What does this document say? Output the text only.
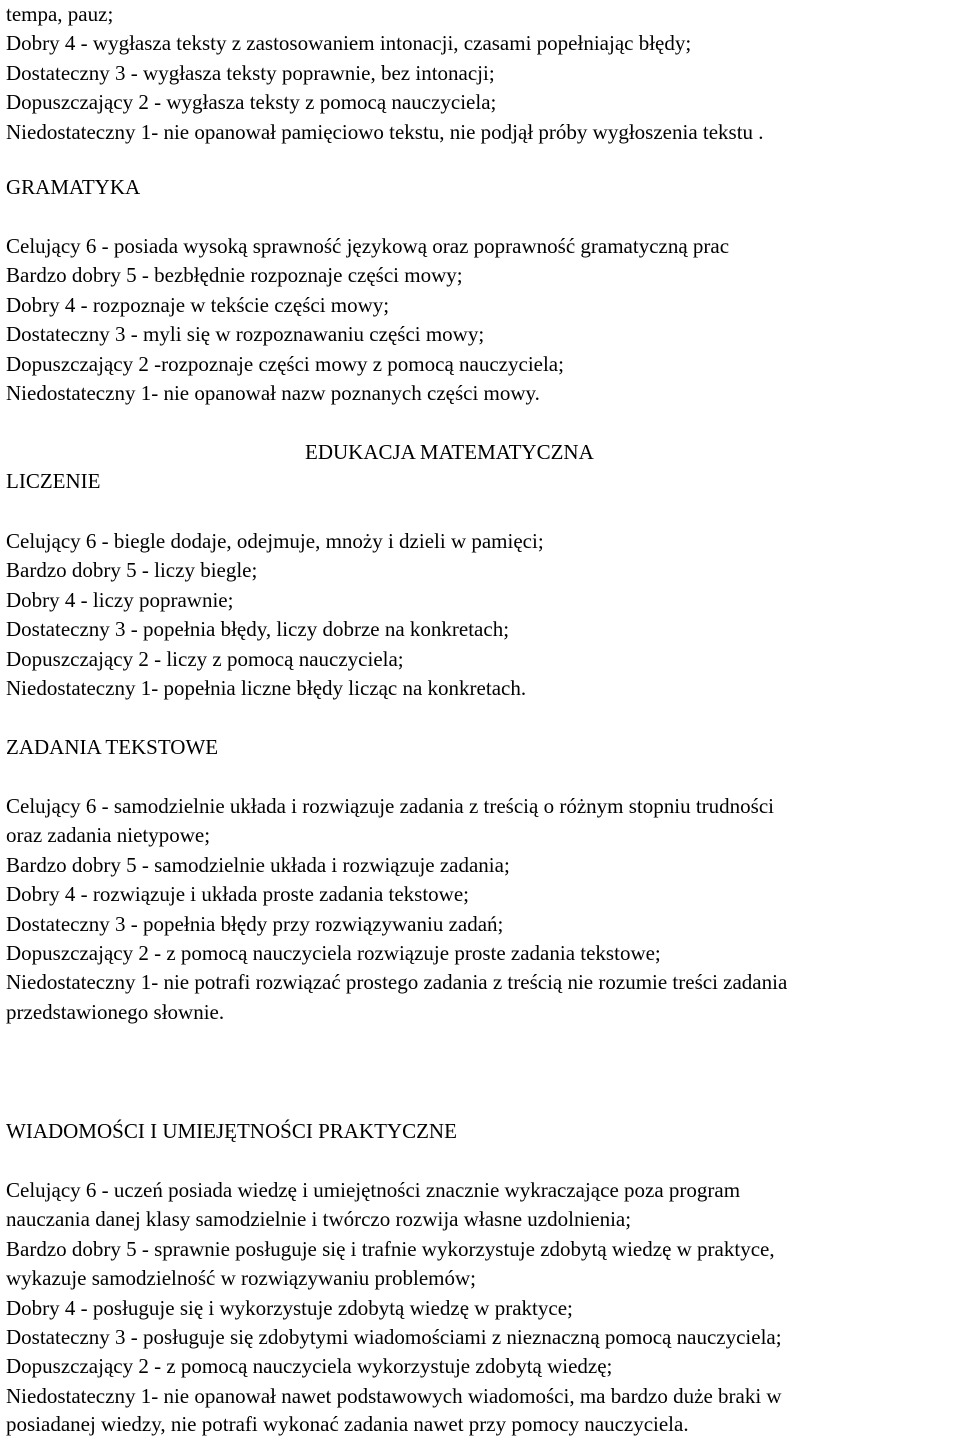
tempa, pauz;
Dobry 4 - wygłasza teksty z zastosowaniem intonacji, czasami popełniając błędy;
Dostateczny 3 - wygłasza teksty poprawnie, bez intonacji;
Dopuszczający 2 - wygłasza teksty z pomocą nauczyciela;
Niedostateczny 1- nie opanował pamięciowo tekstu, nie podjął próby wygłoszenia tekstu .
GRAMATYKA
Celujący 6 - posiada wysoką sprawność językową oraz poprawność gramatyczną prac
Bardzo dobry 5 - bezbłędnie rozpoznaje części mowy;
Dobry 4 - rozpoznaje w tekście części mowy;
Dostateczny 3 - myli się w rozpoznawaniu części mowy;
Dopuszczający 2 -rozpoznaje części mowy z pomocą nauczyciela;
Niedostateczny 1- nie opanował nazw poznanych części mowy.
EDUKACJA MATEMATYCZNA
LICZENIE
Celujący 6 - biegle dodaje, odejmuje, mnoży i dzieli w pamięci;
Bardzo dobry 5 - liczy biegle;
Dobry 4 - liczy poprawnie;
Dostateczny 3 - popełnia błędy, liczy dobrze na konkretach;
Dopuszczający 2 - liczy z pomocą nauczyciela;
Niedostateczny 1- popełnia liczne błędy licząc na konkretach.
ZADANIA TEKSTOWE
Celujący 6 - samodzielnie układa i rozwiązuje zadania z treścią o różnym stopniu trudności
oraz zadania nietypowe;
Bardzo dobry 5 - samodzielnie układa i rozwiązuje zadania;
Dobry 4 - rozwiązuje i układa proste zadania tekstowe;
Dostateczny 3 - popełnia błędy przy rozwiązywaniu zadań;
Dopuszczający 2 - z pomocą nauczyciela rozwiązuje proste zadania tekstowe;
Niedostateczny 1- nie potrafi rozwiązać prostego zadania z treścią nie rozumie treści zadania
przedstawionego słownie.
WIADOMOŚCI I UMIEJĘTNOŚCI PRAKTYCZNE
Celujący 6 - uczeń posiada wiedzę i umiejętności znacznie wykraczające poza program
nauczania danej klasy samodzielnie i twórczo rozwija własne uzdolnienia;
Bardzo dobry 5 - sprawnie posługuje się i trafnie wykorzystuje zdobytą wiedzę w praktyce,
wykazuje samodzielność w rozwiązywaniu problemów;
Dobry 4 - posługuje się i wykorzystuje zdobytą wiedzę w praktyce;
Dostateczny 3 - posługuje się zdobytymi wiadomościami z nieznaczną pomocą nauczyciela;
Dopuszczający 2 - z pomocą nauczyciela wykorzystuje zdobytą wiedzę;
Niedostateczny 1- nie opanował nawet podstawowych wiadomości, ma bardzo duże braki w
posiadanej wiedzy, nie potrafi wykonać zadania nawet przy pomocy nauczyciela.
